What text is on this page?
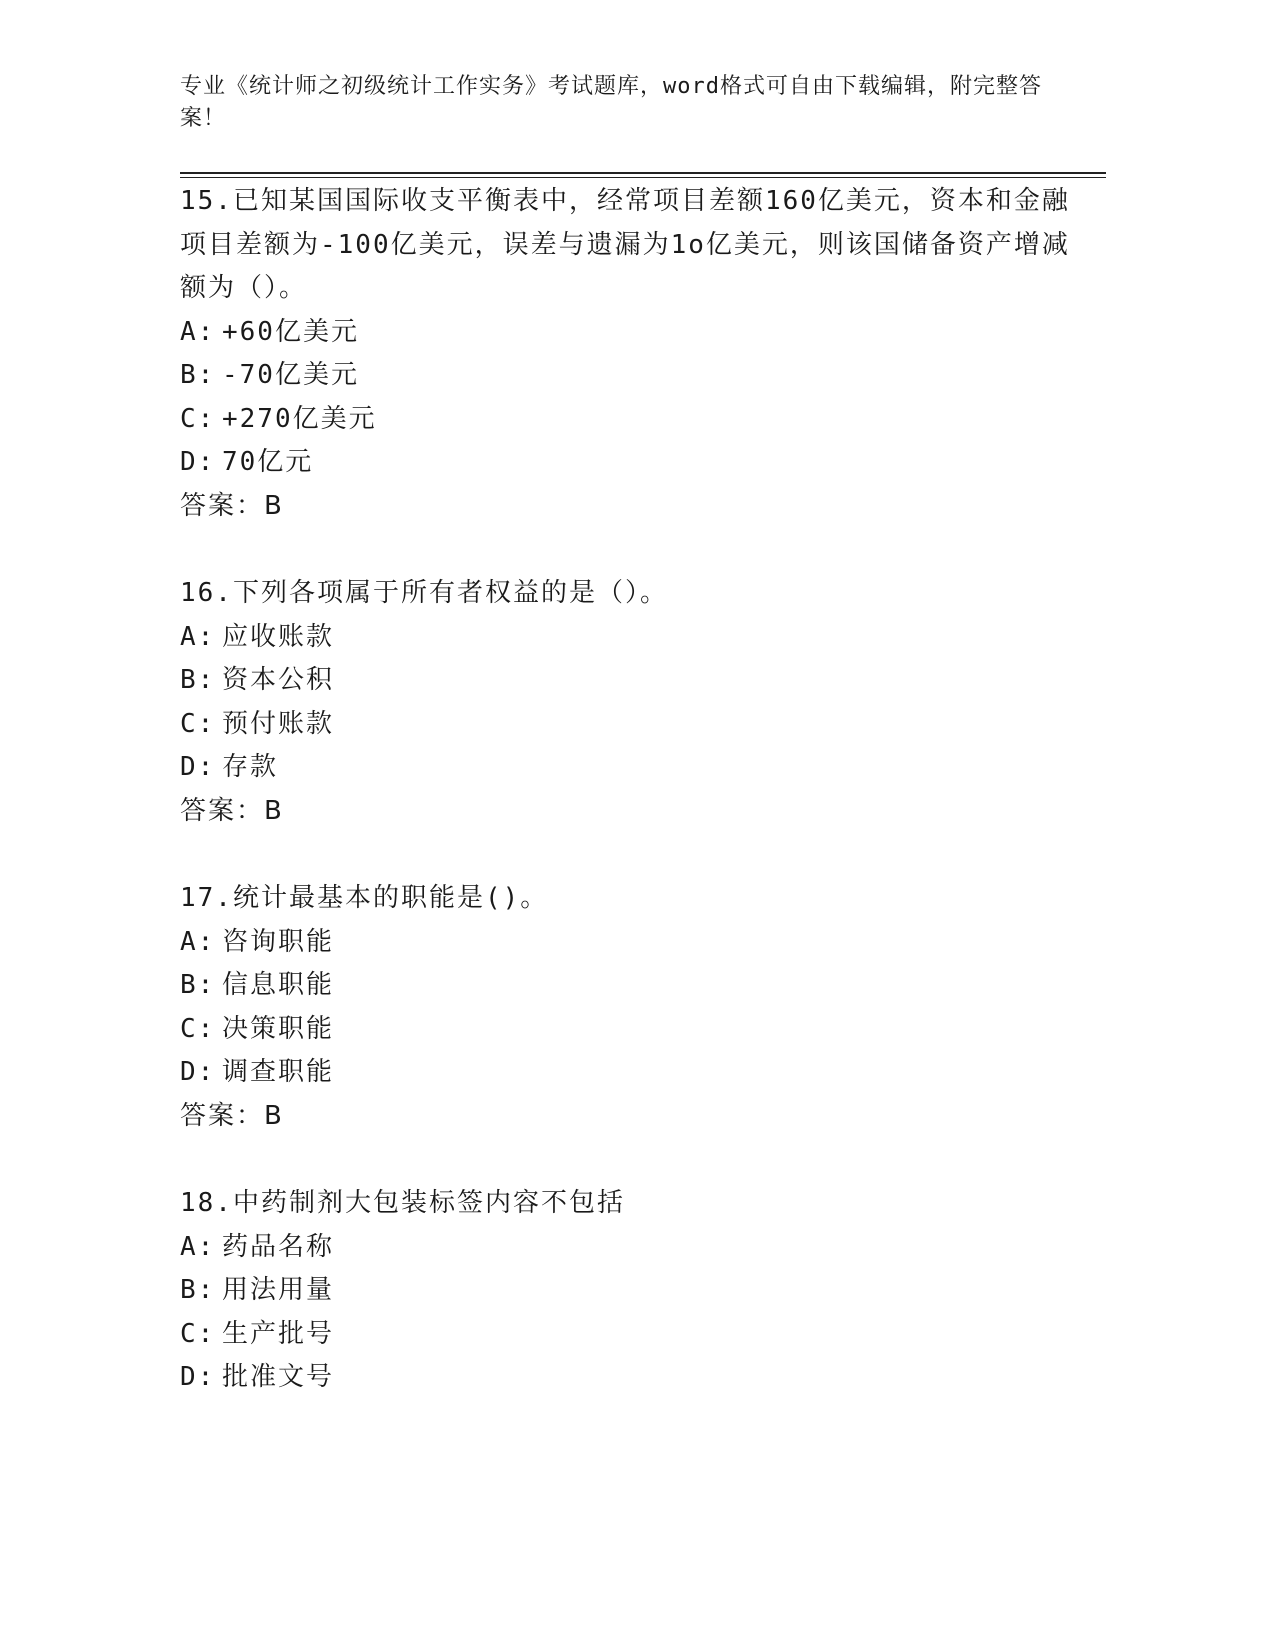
专业《统计师之初级统计工作实务》考试题库，word格式可自由下载编辑，附完整答案！

15.已知某国国际收支平衡表中，经常项目差额160亿美元，资本和金融项目差额为-100亿美元，误差与遗漏为1o亿美元，则该国储备资产增减额为（）。

A: +60亿美元

B: -70亿美元

C: +270亿美元

D: 70亿元

答案：B

16.下列各项属于所有者权益的是（）。

A: 应收账款

B: 资本公积

C: 预付账款

D: 存款

答案：B

17.统计最基本的职能是()。

A: 咨询职能

B: 信息职能

C: 决策职能

D: 调查职能

答案：B

18.中药制剂大包装标签内容不包括

A: 药品名称

B: 用法用量

C: 生产批号

D: 批准文号
